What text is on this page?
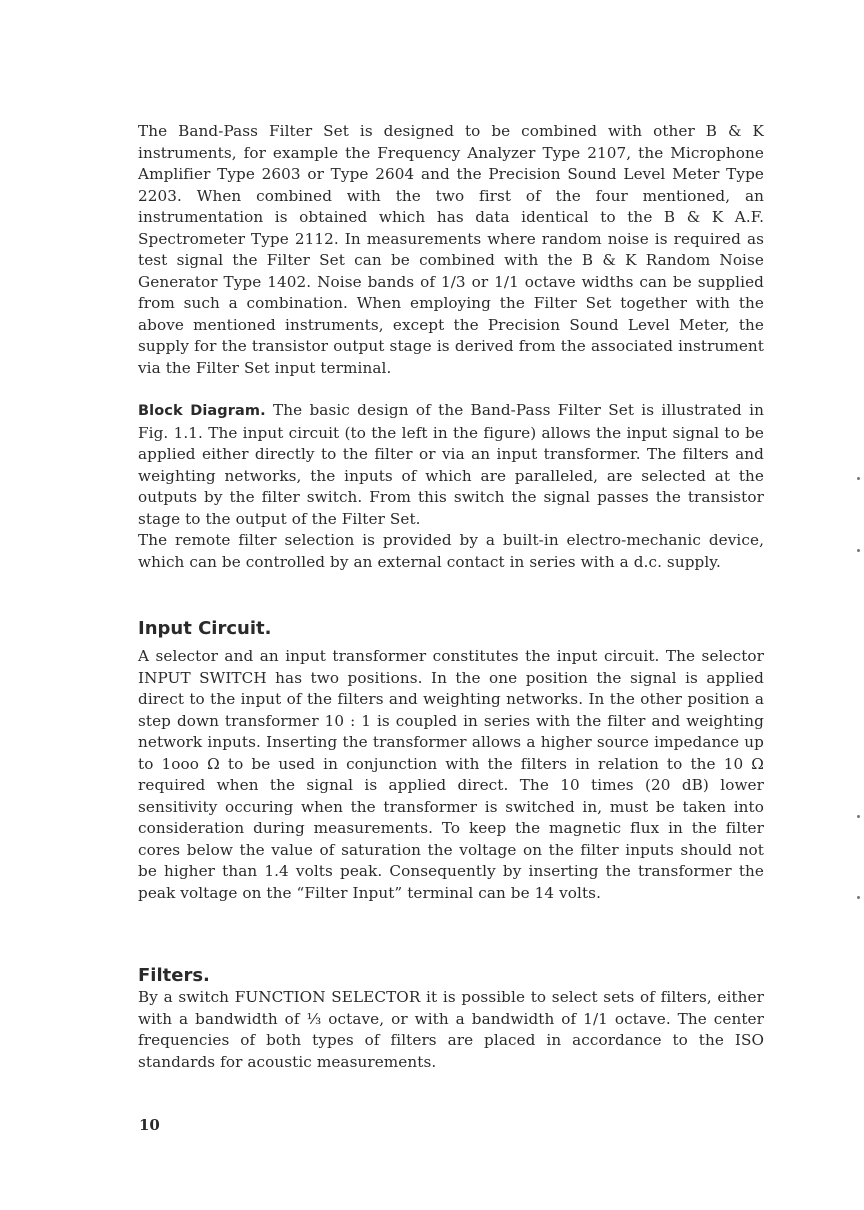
The Band-Pass Filter Set is designed to be combined with other B & K instruments, for example the Frequency Analyzer Type 2107, the Microphone Amplifier Type 2603 or Type 2604 and the Precision Sound Level Meter Type 2203. When combined with the two first of the four mentioned, an instrumentation is obtained which has data identical to the B & K A.F. Spectrometer Type 2112. In measurements where random noise is required as test signal the Filter Set can be combined with the B & K Random Noise Generator Type 1402. Noise bands of 1/3 or 1/1 octave widths can be supplied from such a combination. When employing the Filter Set together with the above mentioned instruments, except the Precision Sound Level Meter, the supply for the transistor output stage is derived from the associated instrument via the Filter Set input terminal.

Block Diagram. The basic design of the Band-Pass Filter Set is illustrated in Fig. 1.1. The input circuit (to the left in the figure) allows the input signal to be applied either directly to the filter or via an input transformer. The filters and weighting networks, the inputs of which are paralleled, are selected at the outputs by the filter switch. From this switch the signal passes the transistor stage to the output of the Filter Set.

The remote filter selection is provided by a built-in electro-mechanic device, which can be controlled by an external contact in series with a d.c. supply.

Input Circuit.

A selector and an input transformer constitutes the input circuit. The selector INPUT SWITCH has two positions. In the one position the signal is applied direct to the input of the filters and weighting networks. In the other position a step down transformer 10 : 1 is coupled in series with the filter and weighting network inputs. Inserting the transformer allows a higher source impedance up to 1ooo Ω to be used in conjunction with the filters in relation to the 10 Ω required when the signal is applied direct. The 10 times (20 dB) lower sensitivity occuring when the transformer is switched in, must be taken into consideration during measurements. To keep the magnetic flux in the filter cores below the value of saturation the voltage on the filter inputs should not be higher than 1.4 volts peak. Consequently by inserting the transformer the peak voltage on the “Filter Input” terminal can be 14 volts.

Filters.

By a switch FUNCTION SELECTOR it is possible to select sets of filters, either with a bandwidth of ⅓ octave, or with a bandwidth of 1/1 octave. The center frequencies of both types of filters are placed in accordance to the ISO standards for acoustic measurements.

10
